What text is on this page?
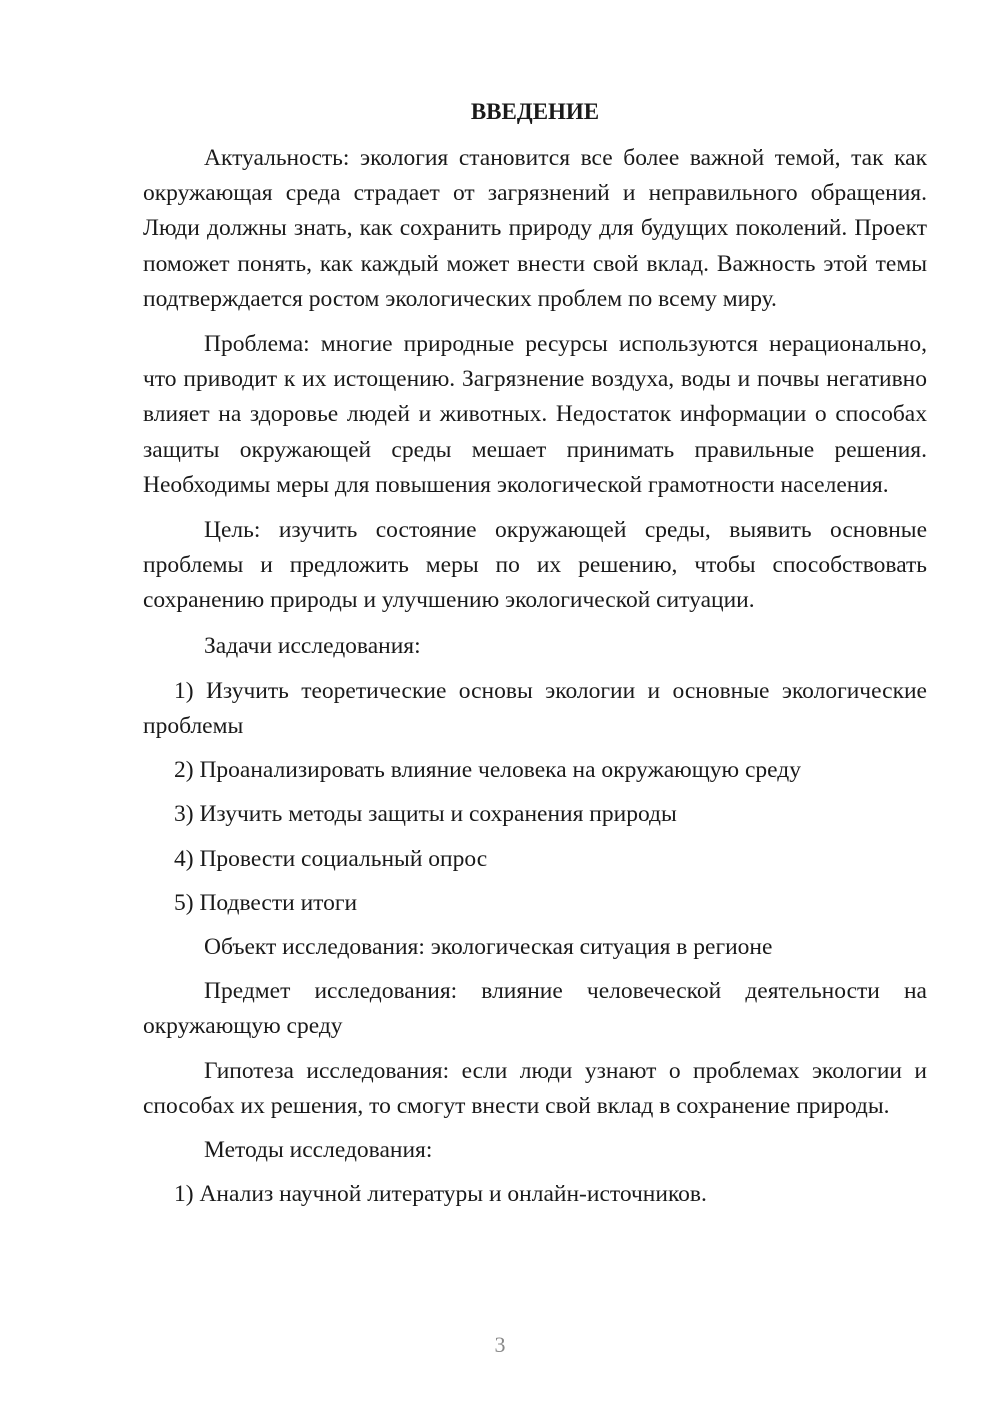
ВВЕДЕНИЕ

Актуальность: экология становится все более важной темой, так как окружающая среда страдает от загрязнений и неправильного обращения. Люди должны знать, как сохранить природу для будущих поколений. Проект поможет понять, как каждый может внести свой вклад. Важность этой темы подтверждается ростом экологических проблем по всему миру.

Проблема: многие природные ресурсы используются нерационально, что приводит к их истощению. Загрязнение воздуха, воды и почвы негативно влияет на здоровье людей и животных. Недостаток информации о способах защиты окружающей среды мешает принимать правильные решения. Необходимы меры для повышения экологической грамотности населения.

Цель: изучить состояние окружающей среды, выявить основные проблемы и предложить меры по их решению, чтобы способствовать сохранению природы и улучшению экологической ситуации.

Задачи исследования:

1) Изучить теоретические основы экологии и основные экологические проблемы

2) Проанализировать влияние человека на окружающую среду

3) Изучить методы защиты и сохранения природы

4) Провести социальный опрос

5) Подвести итоги

Объект исследования: экологическая ситуация в регионе

Предмет исследования: влияние человеческой деятельности на окружающую среду

Гипотеза исследования: если люди узнают о проблемах экологии и способах их решения, то смогут внести свой вклад в сохранение природы.

Методы исследования:

1) Анализ научной литературы и онлайн-источников.

3
